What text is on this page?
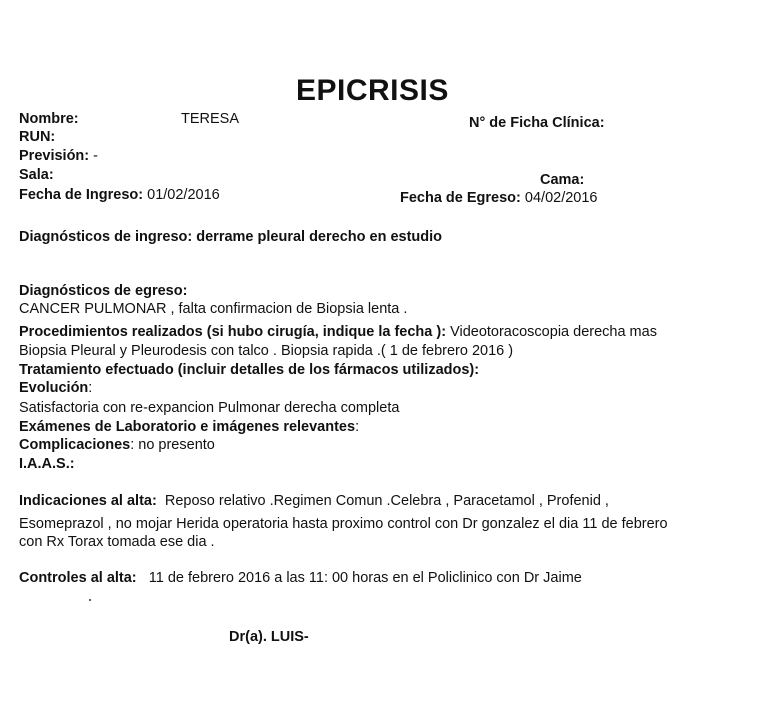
EPICRISIS
Nombre:	TERESA	N° de Ficha Clínica:
RUN:
Previsión: -
Sala:	Cama:
Fecha de Ingreso: 01/02/2016	Fecha de Egreso: 04/02/2016
Diagnósticos de ingreso: derrame pleural derecho en estudio
Diagnósticos de egreso:
CANCER PULMONAR , falta confirmacion de Biopsia lenta .
Procedimientos realizados (si hubo cirugía, indique la fecha ): Videotoracoscopia derecha mas
Biopsia Pleural y Pleurodesis con talco . Biopsia rapida .( 1 de febrero 2016 )
Tratamiento efectuado (incluir detalles de los fármacos utilizados):
Evolución:
Satisfactoria con re-expancion Pulmonar derecha completa
Exámenes de Laboratorio e imágenes relevantes:
Complicaciones: no presento
I.A.A.S.:
Indicaciones al alta: Reposo relativo .Regimen Comun .Celebra , Paracetamol , Profenid ,
Esomeprazol , no mojar Herida operatoria hasta proximo control con Dr gonzalez el dia 11 de febrero
con Rx Torax tomada ese dia .
Controles al alta: 11 de febrero 2016 a las 11: 00 horas en el Policlinico con Dr Jaime
Dr(a). LUIS-
